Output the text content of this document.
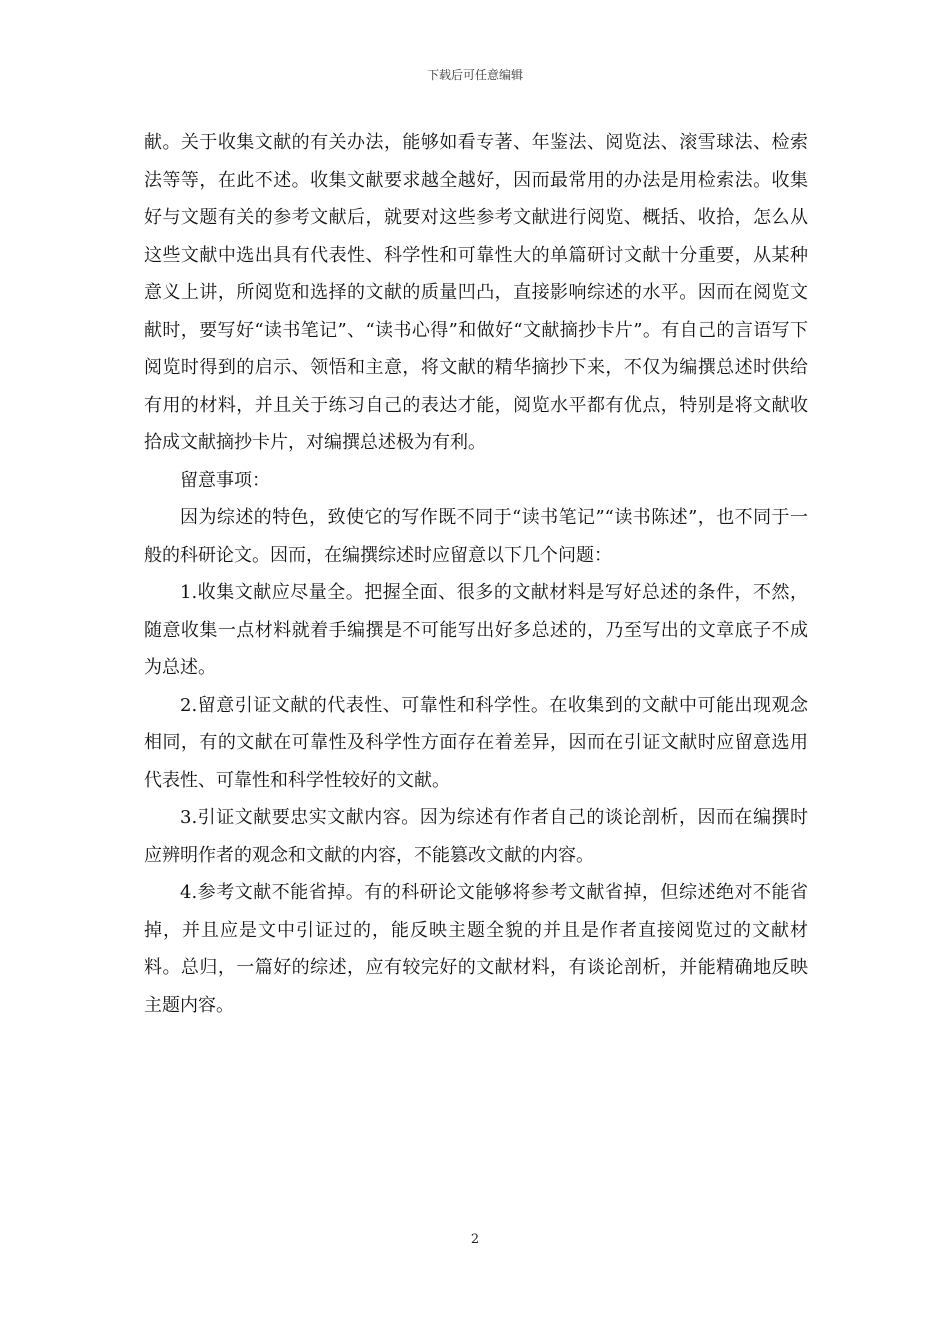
下载后可任意编辑

献。关于收集文献的有关办法，能够如看专著、年鉴法、阅览法、滚雪球法、检索法等等，在此不述。收集文献要求越全越好，因而最常用的办法是用检索法。收集好与文题有关的参考文献后，就要对这些参考文献进行阅览、概括、收拾，怎么从这些文献中选出具有代表性、科学性和可靠性大的单篇研讨文献十分重要，从某种意义上讲，所阅览和选择的文献的质量凹凸，直接影响综述的水平。因而在阅览文献时，要写好“读书笔记”、“读书心得”和做好“文献摘抄卡片”。有自己的言语写下阅览时得到的启示、领悟和主意，将文献的精华摘抄下来，不仅为编撰总述时供给有用的材料，并且关于练习自己的表达才能，阅览水平都有优点，特别是将文献收拾成文献摘抄卡片，对编撰总述极为有利。

留意事项：

因为综述的特色，致使它的写作既不同于“读书笔记”“读书陈述”，也不同于一般的科研论文。因而，在编撰综述时应留意以下几个问题：

1.收集文献应尽量全。把握全面、很多的文献材料是写好总述的条件，不然，随意收集一点材料就着手编撰是不可能写出好多总述的，乃至写出的文章底子不成为总述。

2.留意引证文献的代表性、可靠性和科学性。在收集到的文献中可能出现观念相同，有的文献在可靠性及科学性方面存在着差异，因而在引证文献时应留意选用代表性、可靠性和科学性较好的文献。

3.引证文献要忠实文献内容。因为综述有作者自己的谈论剖析，因而在编撰时应辨明作者的观念和文献的内容，不能篡改文献的内容。

4.参考文献不能省掉。有的科研论文能够将参考文献省掉，但综述绝对不能省掉，并且应是文中引证过的，能反映主题全貌的并且是作者直接阅览过的文献材料。总归，一篇好的综述，应有较完好的文献材料，有谈论剖析，并能精确地反映主题内容。

2
